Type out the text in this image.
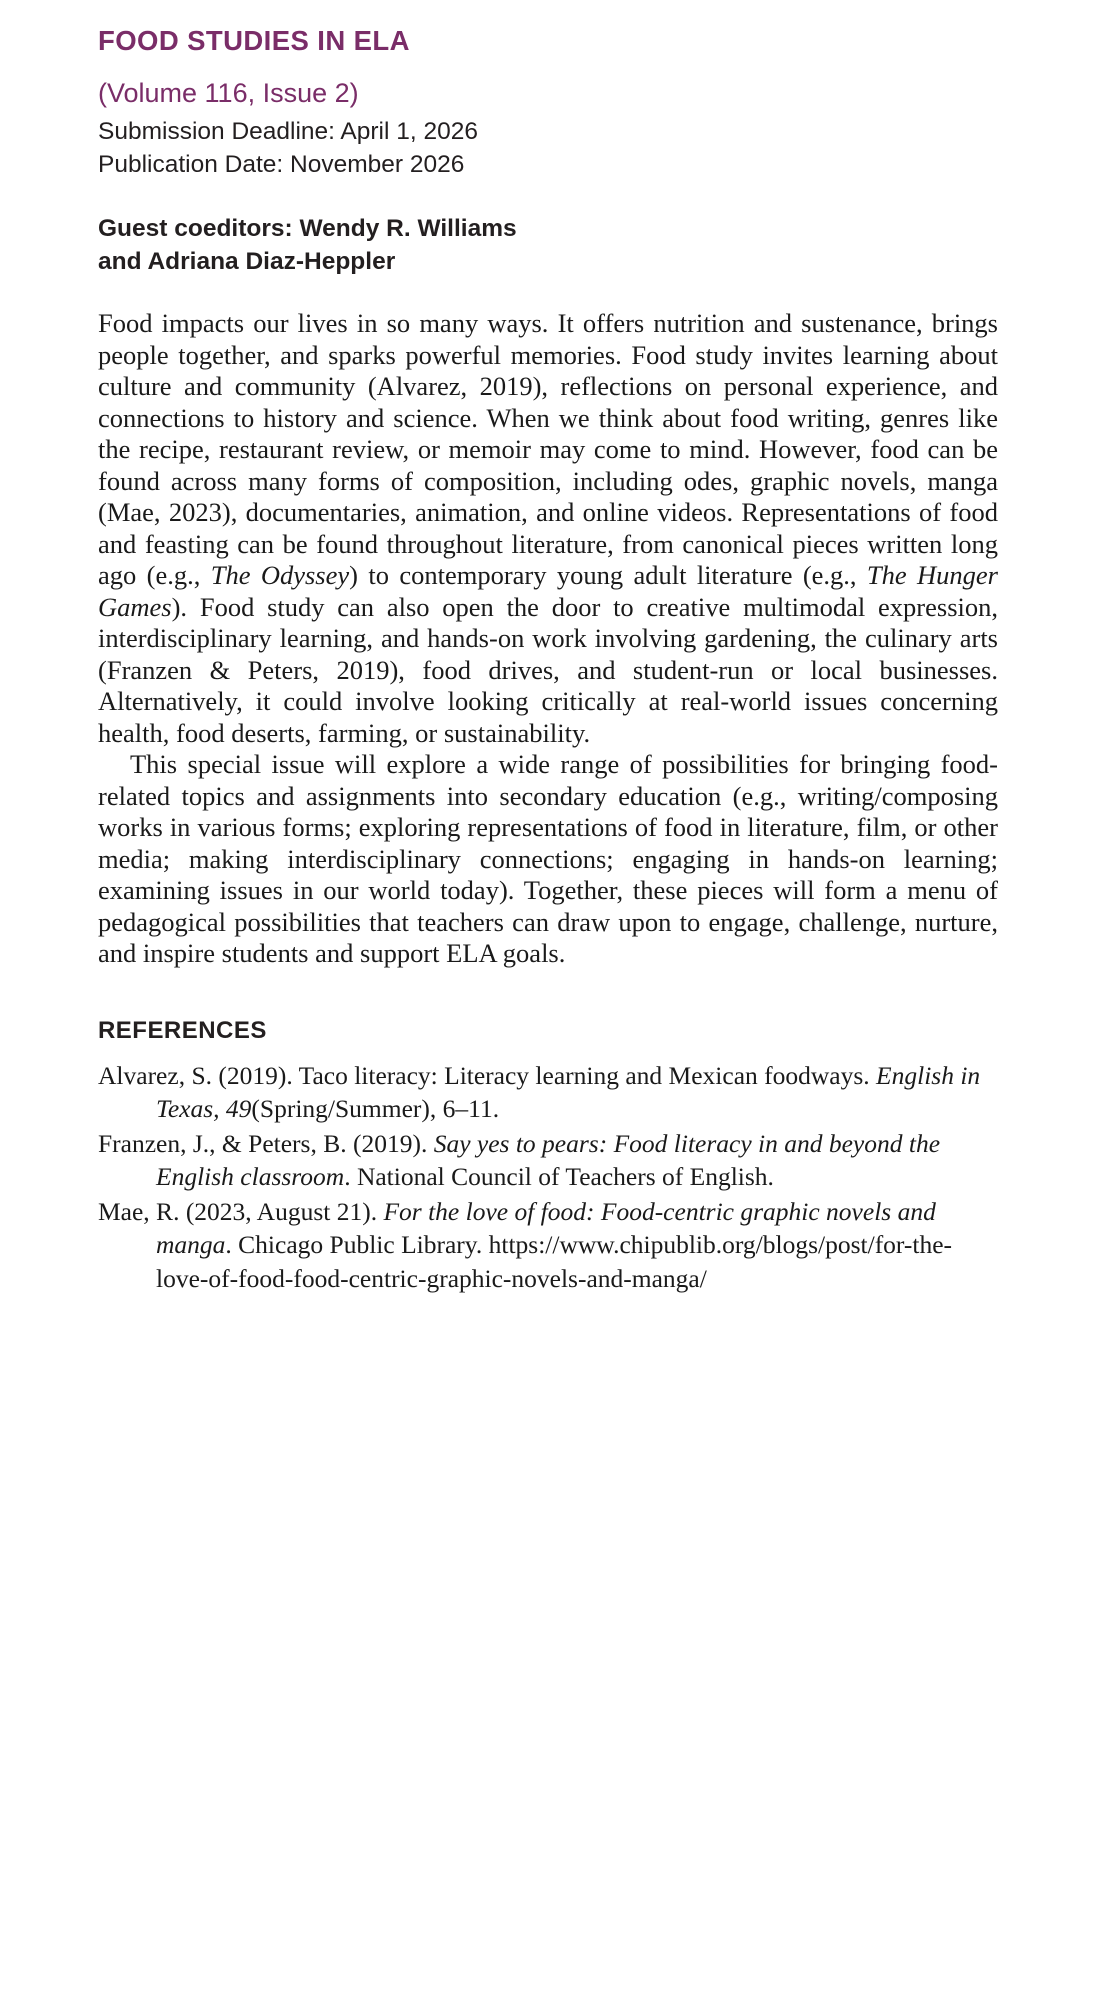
FOOD STUDIES IN ELA
(Volume 116, Issue 2)
Submission Deadline: April 1, 2026
Publication Date: November 2026
Guest coeditors: Wendy R. Williams
and Adriana Diaz-Heppler

Food impacts our lives in so many ways. It offers nutrition and sustenance, brings people together, and sparks powerful memories. Food study invites learning about culture and community (Alvarez, 2019), reflections on personal experience, and connections to history and science. When we think about food writing, genres like the recipe, restaurant review, or memoir may come to mind. However, food can be found across many forms of composition, including odes, graphic novels, manga (Mae, 2023), documentaries, animation, and online videos. Representations of food and feasting can be found throughout literature, from canonical pieces written long ago (e.g., The Odyssey) to contemporary young adult literature (e.g., The Hunger Games). Food study can also open the door to creative multimodal expression, interdisciplinary learning, and hands-on work involving gardening, the culinary arts (Franzen & Peters, 2019), food drives, and student-run or local businesses. Alternatively, it could involve looking critically at real-world issues concerning health, food deserts, farming, or sustainability.

This special issue will explore a wide range of possibilities for bringing food-related topics and assignments into secondary education (e.g., writing/composing works in various forms; exploring representations of food in literature, film, or other media; making interdisciplinary connections; engaging in hands-on learning; examining issues in our world today). Together, these pieces will form a menu of pedagogical possibilities that teachers can draw upon to engage, challenge, nurture, and inspire students and support ELA goals.

REFERENCES

Alvarez, S. (2019). Taco literacy: Literacy learning and Mexican foodways. English in Texas, 49(Spring/Summer), 6–11.

Franzen, J., & Peters, B. (2019). Say yes to pears: Food literacy in and beyond the English classroom. National Council of Teachers of English.

Mae, R. (2023, August 21). For the love of food: Food-centric graphic novels and manga. Chicago Public Library. https://www.chipublib.org/blogs/post/for-the-love-of-food-food-centric-graphic-novels-and-manga/
